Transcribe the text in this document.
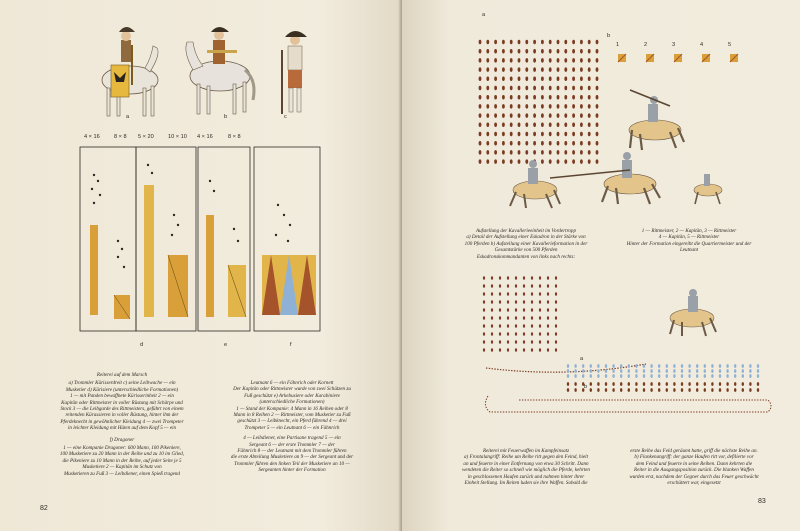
a	b	c
4 × 16	8 × 8 5 × 20	10 × 10 4 × 16	8 × 8
d	e	f

Reiterei auf dem Marsch

a) Trommler Kürisserdreit c) seine Leibwache — ein
Musketier d) Kürisiere (unterschiedliche Formationen)
1 — mit Panden bewaffnete Kürisserinheit 2 — ein
Kapitän oder Rittmeister in voller Rüstung mit Schärpe und
Stock 3 — die Leibgarde des Rittmeisters, geführt von einem
reitenden Kürassieren in voller Rüstung, hinter ihm der
Pferdeknecht in gewöhnlicher Kleidung 4 — zwei Trompeter
in leichter Kleidung mit Hüten auf dem Kopf 5 — ein

f) Dragoner

1 — eine Kompanie Dragoner: 600 Mann, 100 Pikeniere,
100 Musketiere zu 20 Mann in der Reihe und zu 10 im Glied,
die Pikeniere zu 10 Mann in der Reihe, auf jeder Seite je 5
Musketiere 2 — Kapitän im Schutz von
Musketieren zu Fuß 3 — Leibdiener, einen Spieß tragend
Leutnant 6 — ein Fähnrich oder Kornett
Der Kapitän oder Rittmeister wurde von zwei Schützen zu
Fuß geschützt e) Arkebusiere oder Karabiniere
(unterschiedliche Formationen)
1 — Stand der Kompanie: 4 Mann in 16 Reihen oder 8
Mann in 8 Reihen 2 — Rittmeister, vom Musketier zu Fuß
geschützt 3 — Leibknecht, ein Pferd führend 4 — drei
Trompeter 5 — ein Leutnant 6 — ein Fähnrich
4 — Leibdiener, eine Partisane tragend 5 — ein
Sergeant 6 — der erste Trommler 7 — der
Fähnrich 8 — der Leutnant mit dem Trommler führen
die erste Abteilung Musketiere an 9 — der Sergeant und der
Trommler führen den linken Teil der Musketiere an 10 —
Sergeanten hinter der Formation
82
a
b
1	2	3	4	5
Aufstellung der Kavallerieeinheit im Vordertropp
a) Detail der Aufstellung einer Eskadron in der Stärke von
100 Pferden b) Aufstellung einer Kavallerieformation in der
Gesamtstärke von 500 Pferden
Eskadronskommandanten von links nach rechts:
1 — Rittmeister, 2 — Kapitän, 3 — Rittmeister
4 — Kapitän, 5 — Rittmeister
Hinter der Formation eingereiht die Quartiermeister und der
Leutnant
a
b
Reiterei mit Feuerwaffen im Kampfeinsatz
a) Frontalangriff: Reihe um Reihe ritt gegen den Feind, hielt
an und feuerte in einer Entfernung von etwa 30 Schritt. Dann
wendeten die Reiter so schnell wie möglich die Pferde, kehrten
in geschlossenen Haufen zurück und nahmen hinter ihrer
Einheit Stellung. Im Reiten luden sie ihre Waffen. Sobald die
erste Reihe das Feld geräumt hatte, griff die nächste Reihe an.
b) Flankenangriff: der ganze Haufen ritt vor, defilierte vor
dem Feind und feuerte in seine Reihen. Dann kehrten die
Reiter in die Ausgangsposition zurück. Die blanken Waffen
wurden erst, nachdem der Gegner durch das Feuer geschwächt
erschüttert war, eingesetzt
83
